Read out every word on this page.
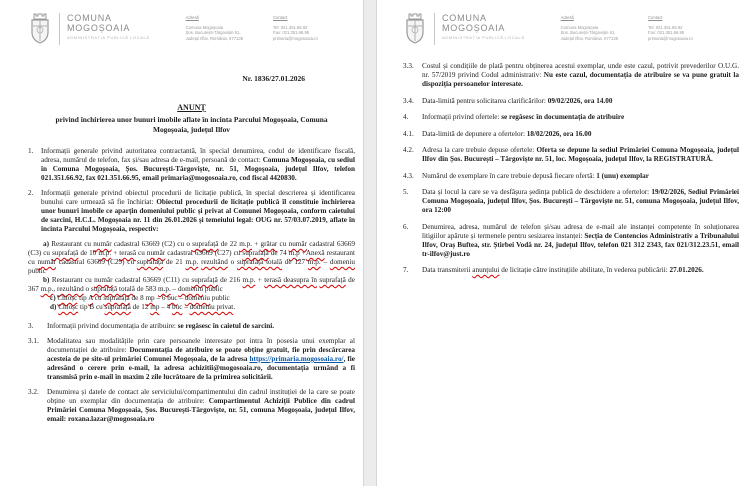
COMUNA
MOGOȘOAIA
ADMINISTRAȚIA PUBLICĂ LOCALĂ
Adresă
Comuna Mogoșoaia
Șos. București-Târgoviște 51,
Județul Ilfov, România, 077135
Contact
Tel: 021.351.66.92
Fax: 021.351.66.95
primaria@mogosoaia.ro
Nr. 1836/27.01.2026
ANUNȚ
privind închirierea unor bunuri imobile aflate în incinta Parcului Mogoșoaia, Comuna Mogoșoaia, județul Ilfov
1. Informații generale privind autoritatea contractantă, în special denumirea, codul de identificare fiscală, adresa, numărul de telefon, fax și/sau adresa de e-mail, persoană de contact: Comuna Mogoșoaia, cu sediul în Comuna Mogoșoaia, Șos. București-Târgoviște, nr. 51, Mogoșoaia, județul Ilfov, telefon 021.351.66.92, fax 021.351.66.95, email primaria@mogosoaia.ro, cod fiscal 4420830.
2. Informații generale privind obiectul procedurii de licitație publică, în special descrierea și identificarea bunului care urmează să fie închiriat: Obiectul procedurii de licitație publică îl constituie închirierea unor bunuri imobile ce aparțin domeniului public și privat al Comunei Mogoșoaia, conform caietului de sarcini, H.C.L. Mogoșoaia nr. 11 din 26.01.2026 și temeiului legal: OUG nr. 57/03.07.2019, aflate în incinta Parcului Mogoșoaia, respectiv:
a) Restaurant cu număr cadastral 63669 (C2) cu o suprafață de 22 m.p. + grătar cu număr cadastral 63669 (C3) cu suprafață de 10 m.p. + terasă cu număr cadastral 63669 (C27) cu suprafață de 74 m.p +Anexă restaurant cu număr cadastral 63669 (C29) cu suprafață de 21 m.p. rezultând o suprafață totală de 127 m.p. – domeniu public
b) Restaurant cu număr cadastral 63669 (C11) cu suprafață de 216 m.p. + terasă deasupra în suprafață de 367 m.p., rezultând o suprafață totală de 583 m.p. – domeniu public
c) Chioșc tip A cu suprafață de 8 mp – 6 buc – domeniu public
d) Chioșc tip B cu suprafață de 12 mp – 4 buc – domeniu privat.
3. Informații privind documentația de atribuire: se regăsesc în caietul de sarcini.
3.1. Modalitatea sau modalitățile prin care persoanele interesate pot intra în posesia unui exemplar al documentației de atribuire: Documentația de atribuire se poate obține gratuit, fie prin descărcarea acesteia de pe site-ul primăriei Comunei Mogoșoaia, de la adresa https://primaria.mogosoaia.ro/, fie adresând o cerere prin e-mail, la adresa achizitii@mogosoaia.ro, documentația urmând a fi transmisă prin e-mail în maxim 2 zile lucrătoare de la primirea solicitării.
3.2. Denumirea și datele de contact ale serviciului/compartimentului din cadrul instituției de la care se poate obține un exemplar din documentația de atribuire: Compartimentul Achiziții Publice din cadrul Primăriei Comuna Mogoșoaia, Șos. București-Târgoviște, nr. 51, comuna Mogoșoaia, județul Ilfov, email: roxana.lazar@mogosoaia.ro
COMUNA
MOGOȘOAIA
ADMINISTRAȚIA PUBLICĂ LOCALĂ
Adresă
Comuna Mogoșoaia
Șos. București-Târgoviște 51,
Județul Ilfov, România, 077135
Contact
Tel: 021.351.66.92
Fax: 021.351.66.95
primaria@mogosoaia.ro
3.3. Costul și condițiile de plată pentru obținerea acestui exemplar, unde este cazul, potrivit prevederilor O.U.G. nr. 57/2019 privind Codul administrativ: Nu este cazul, documentația de atribuire se va pune gratuit la dispoziția persoanelor interesate.
3.4. Data-limită pentru solicitarea clarificărilor: 09/02/2026, ora 14.00
4. Informații privind ofertele: se regăsesc în documentația de atribuire
4.1. Data-limită de depunere a ofertelor: 18/02/2026, ora 16.00
4.2. Adresa la care trebuie depuse ofertele: Oferta se depune la sediul Primăriei Comuna Mogoșoaia, județul Ilfov din Șos. București – Târgoviște nr. 51, loc. Mogoșoaia, județul Ilfov, la REGISTRATURĂ.
4.3. Numărul de exemplare în care trebuie depusă fiecare ofertă: 1 (unu) exemplar
5. Data și locul la care se va desfășura ședința publică de deschidere a ofertelor: 19/02/2026, Sediul Primăriei Comuna Mogoșoaia, județul Ilfov, Șos. București – Târgoviște nr. 51, comuna Mogoșoaia, județul Ilfov, ora 12:00
6. Denumirea, adresa, numărul de telefon și/sau adresa de e-mail ale instanței competente în soluționarea litigiilor apărute și termenele pentru sesizarea instanței: Secția de Contencios Administrativ a Tribunalului Ilfov, Oraș Buftea, str. Știrbei Vodă nr. 24, județul Ilfov, telefon 021 312 2343, fax 021/312.23.51, email tr-ilfov@just.ro
7. Data transmiterii anunțului de licitație către instituțiile abilitate, în vederea publicării: 27.01.2026.
